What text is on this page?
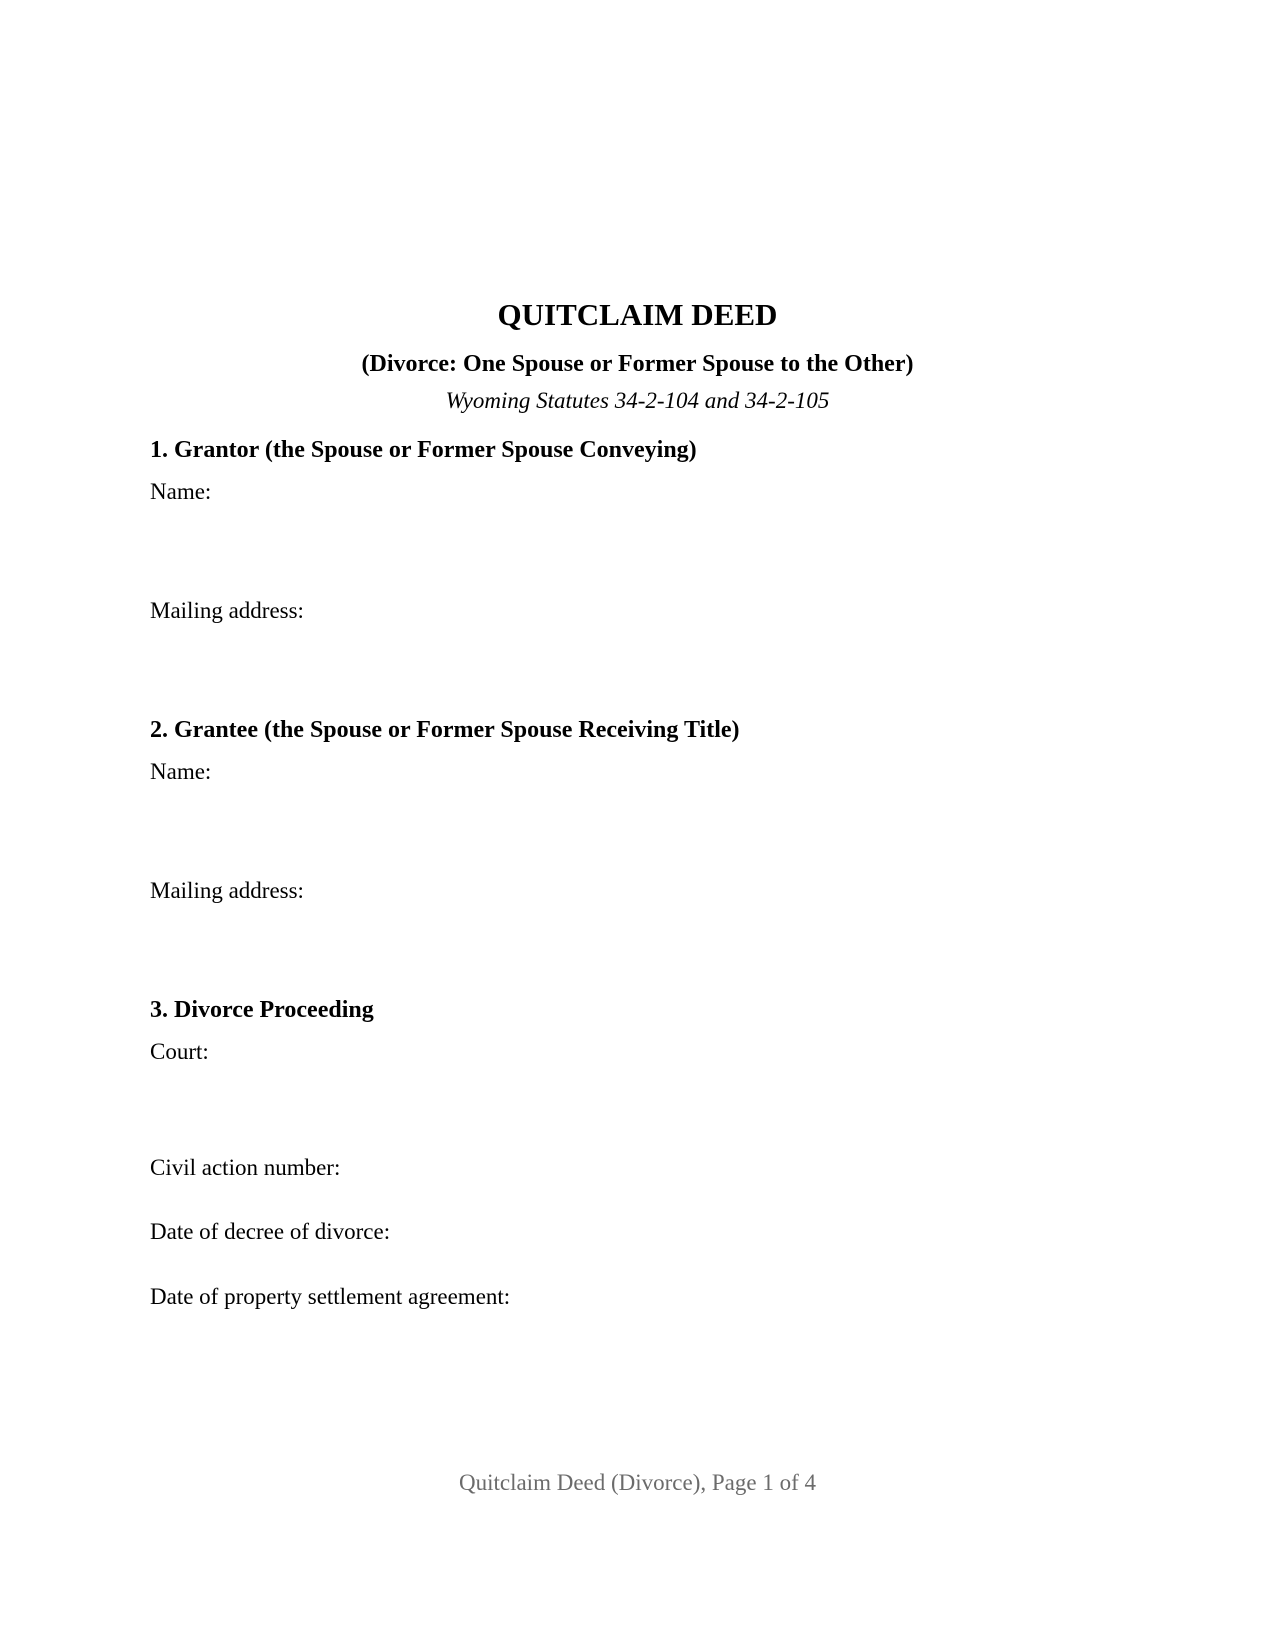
QUITCLAIM DEED
(Divorce: One Spouse or Former Spouse to the Other)
Wyoming Statutes 34-2-104 and 34-2-105
1. Grantor (the Spouse or Former Spouse Conveying)
Name:
Mailing address:
2. Grantee (the Spouse or Former Spouse Receiving Title)
Name:
Mailing address:
3. Divorce Proceeding
Court:
Civil action number:
Date of decree of divorce:
Date of property settlement agreement:
Quitclaim Deed (Divorce), Page 1 of 4
